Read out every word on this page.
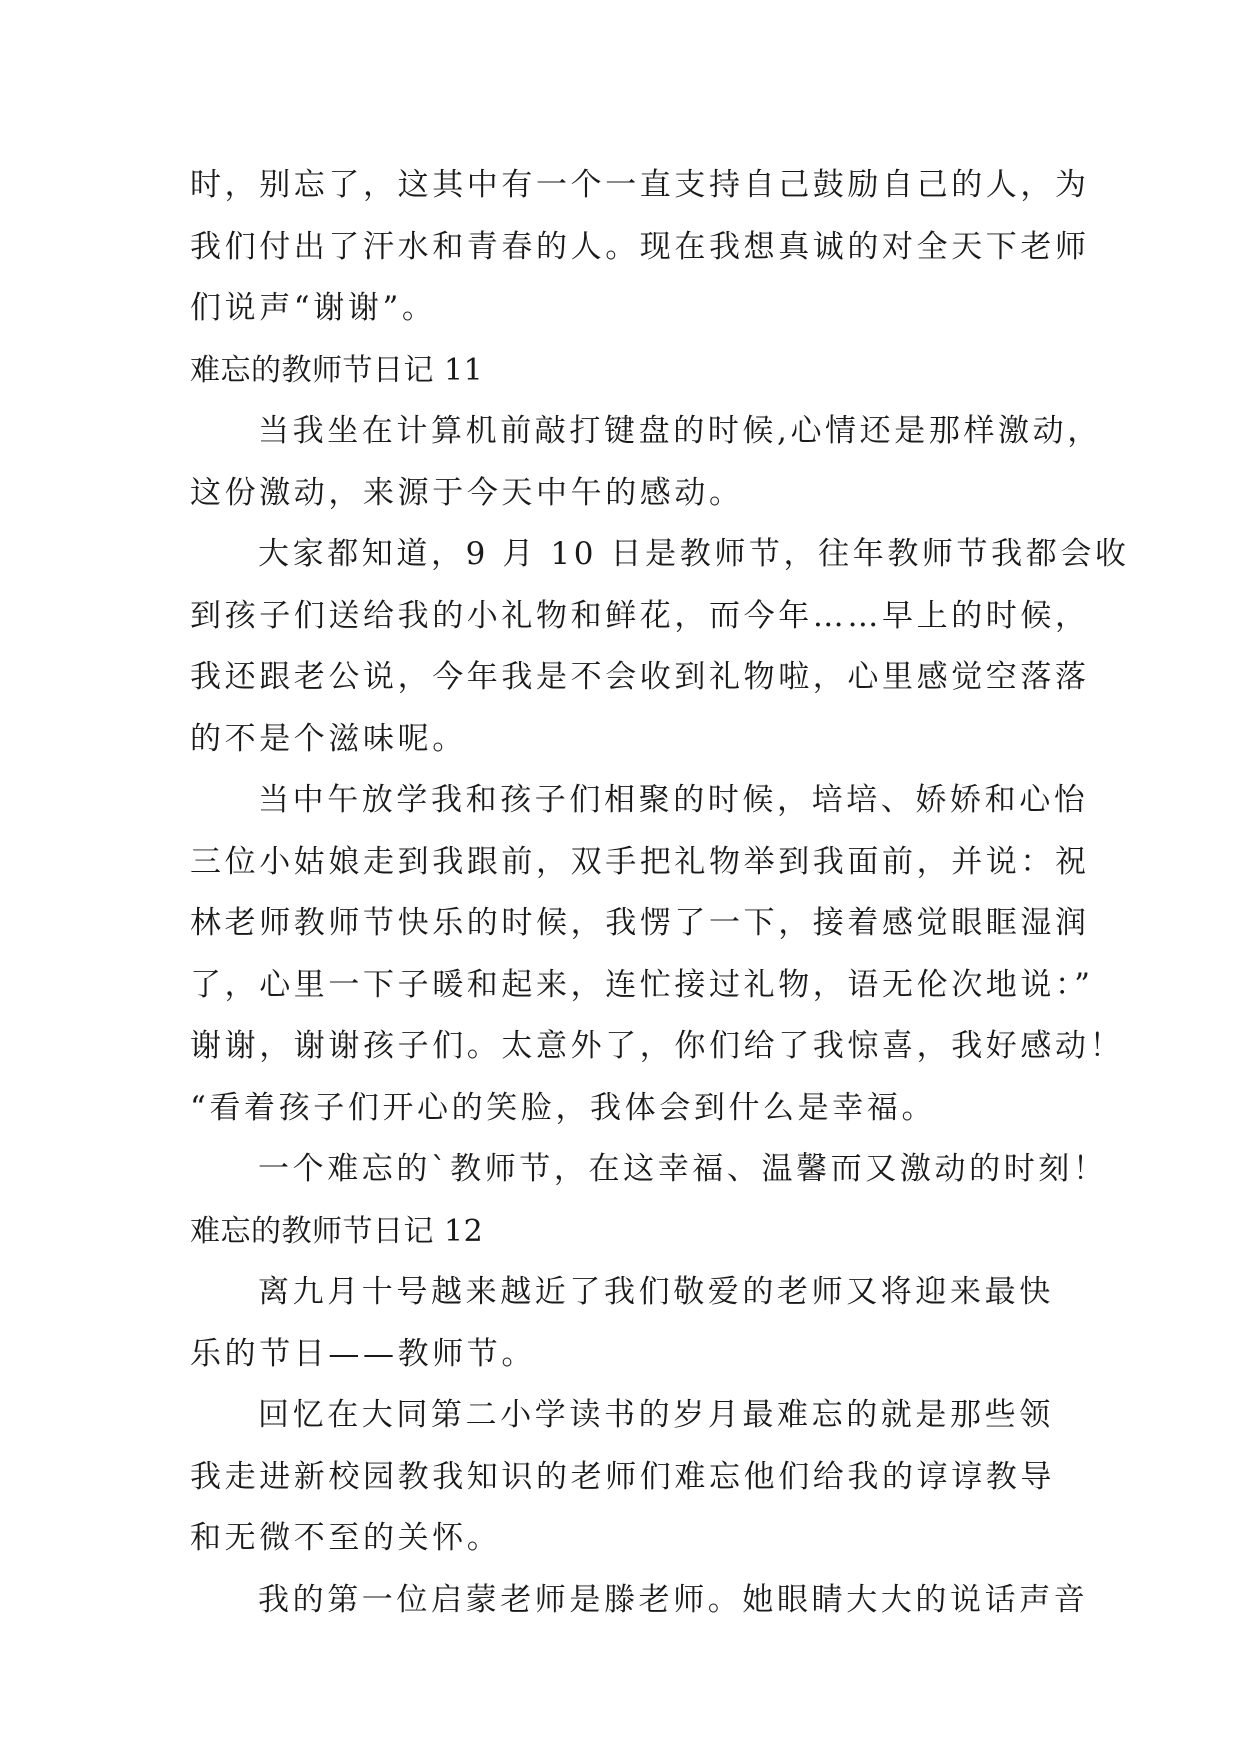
时，别忘了，这其中有一个一直支持自己鼓励自己的人，为
我们付出了汗水和青春的人。现在我想真诚的对全天下老师
们说声“谢谢”。
难忘的教师节日记 11
当我坐在计算机前敲打键盘的时候,心情还是那样激动，
这份激动，来源于今天中午的感动。
大家都知道，9 月 10 日是教师节，往年教师节我都会收
到孩子们送给我的小礼物和鲜花，而今年……早上的时候，
我还跟老公说，今年我是不会收到礼物啦，心里感觉空落落
的不是个滋味呢。
当中午放学我和孩子们相聚的时候，培培、娇娇和心怡
三位小姑娘走到我跟前，双手把礼物举到我面前，并说：祝
林老师教师节快乐的时候，我愣了一下，接着感觉眼眶湿润
了，心里一下子暖和起来，连忙接过礼物，语无伦次地说：”
谢谢，谢谢孩子们。太意外了，你们给了我惊喜，我好感动！
“看着孩子们开心的笑脸，我体会到什么是幸福。
一个难忘的`教师节，在这幸福、温馨而又激动的时刻！
难忘的教师节日记 12
离九月十号越来越近了我们敬爱的老师又将迎来最快
乐的节日——教师节。
回忆在大同第二小学读书的岁月最难忘的就是那些领
我走进新校园教我知识的老师们难忘他们给我的谆谆教导
和无微不至的关怀。
我的第一位启蒙老师是滕老师。她眼睛大大的说话声音
